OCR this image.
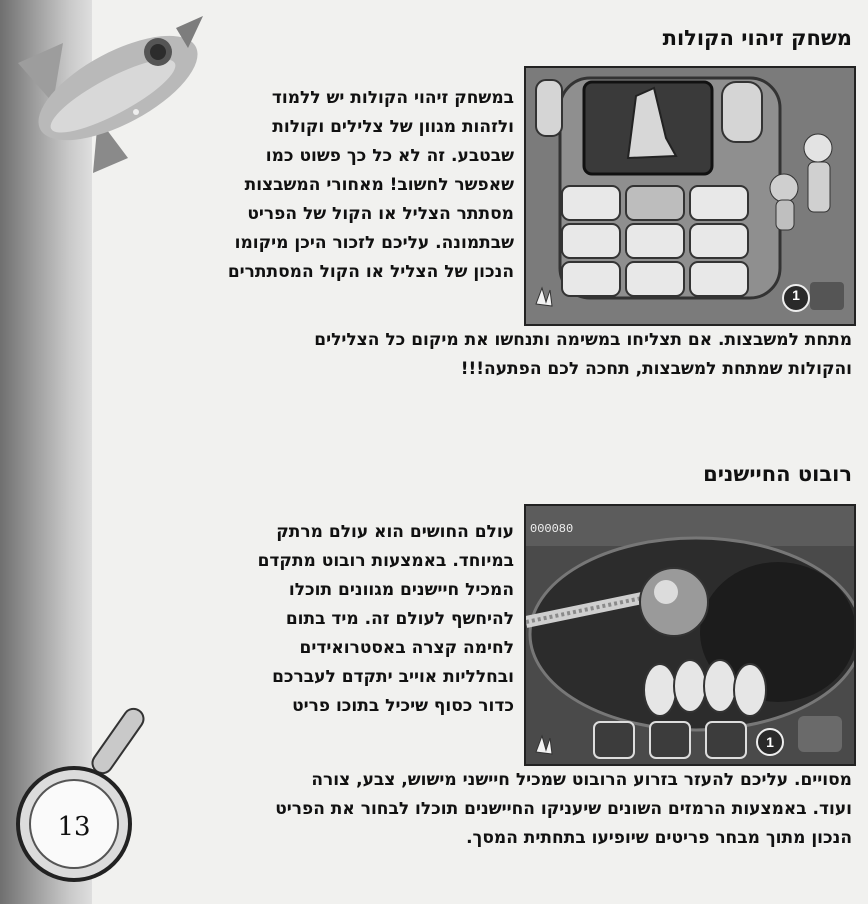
13
משחק זיהוי הקולות
1
במשחק זיהוי הקולות יש ללמוד
ולזהות מגוון של צלילים וקולות
שבטבע. זה לא כל כך פשוט כמו
שאפשר לחשוב! מאחורי המשבצות
מסתתר הצליל או הקול של הפריט
שבתמונה. עליכם לזכור היכן מיקומו
הנכון של הצליל או הקול המסתתרים
מתחת למשבצות. אם תצליחו במשימה ותנחשו את מיקום כל הצלילים
והקולות שמתחת למשבצות, תחכה לכם הפתעה!!!
רובוט החיישנים
000080
1
עולם החושים הוא עולם מרתק
במיוחד. באמצעות רובוט מתקדם
המכיל חיישנים מגוונים תוכלו
להיחשף לעולם זה. מיד בתום
לחימה קצרה באסטרואידים
ובחלליות אוייב יתקדם לעברכם
כדור כסוף שיכיל בתוכו פריט
מסויים. עליכם להעזר בזרוע הרובוט שמכיל חיישני מישוש, צבע, צורה
ועוד. באמצעות הרמזים השונים שיעניקו החיישנים תוכלו לבחור את הפריט
הנכון מתוך מבחר פריטים שיופיעו בתחתית המסך.
